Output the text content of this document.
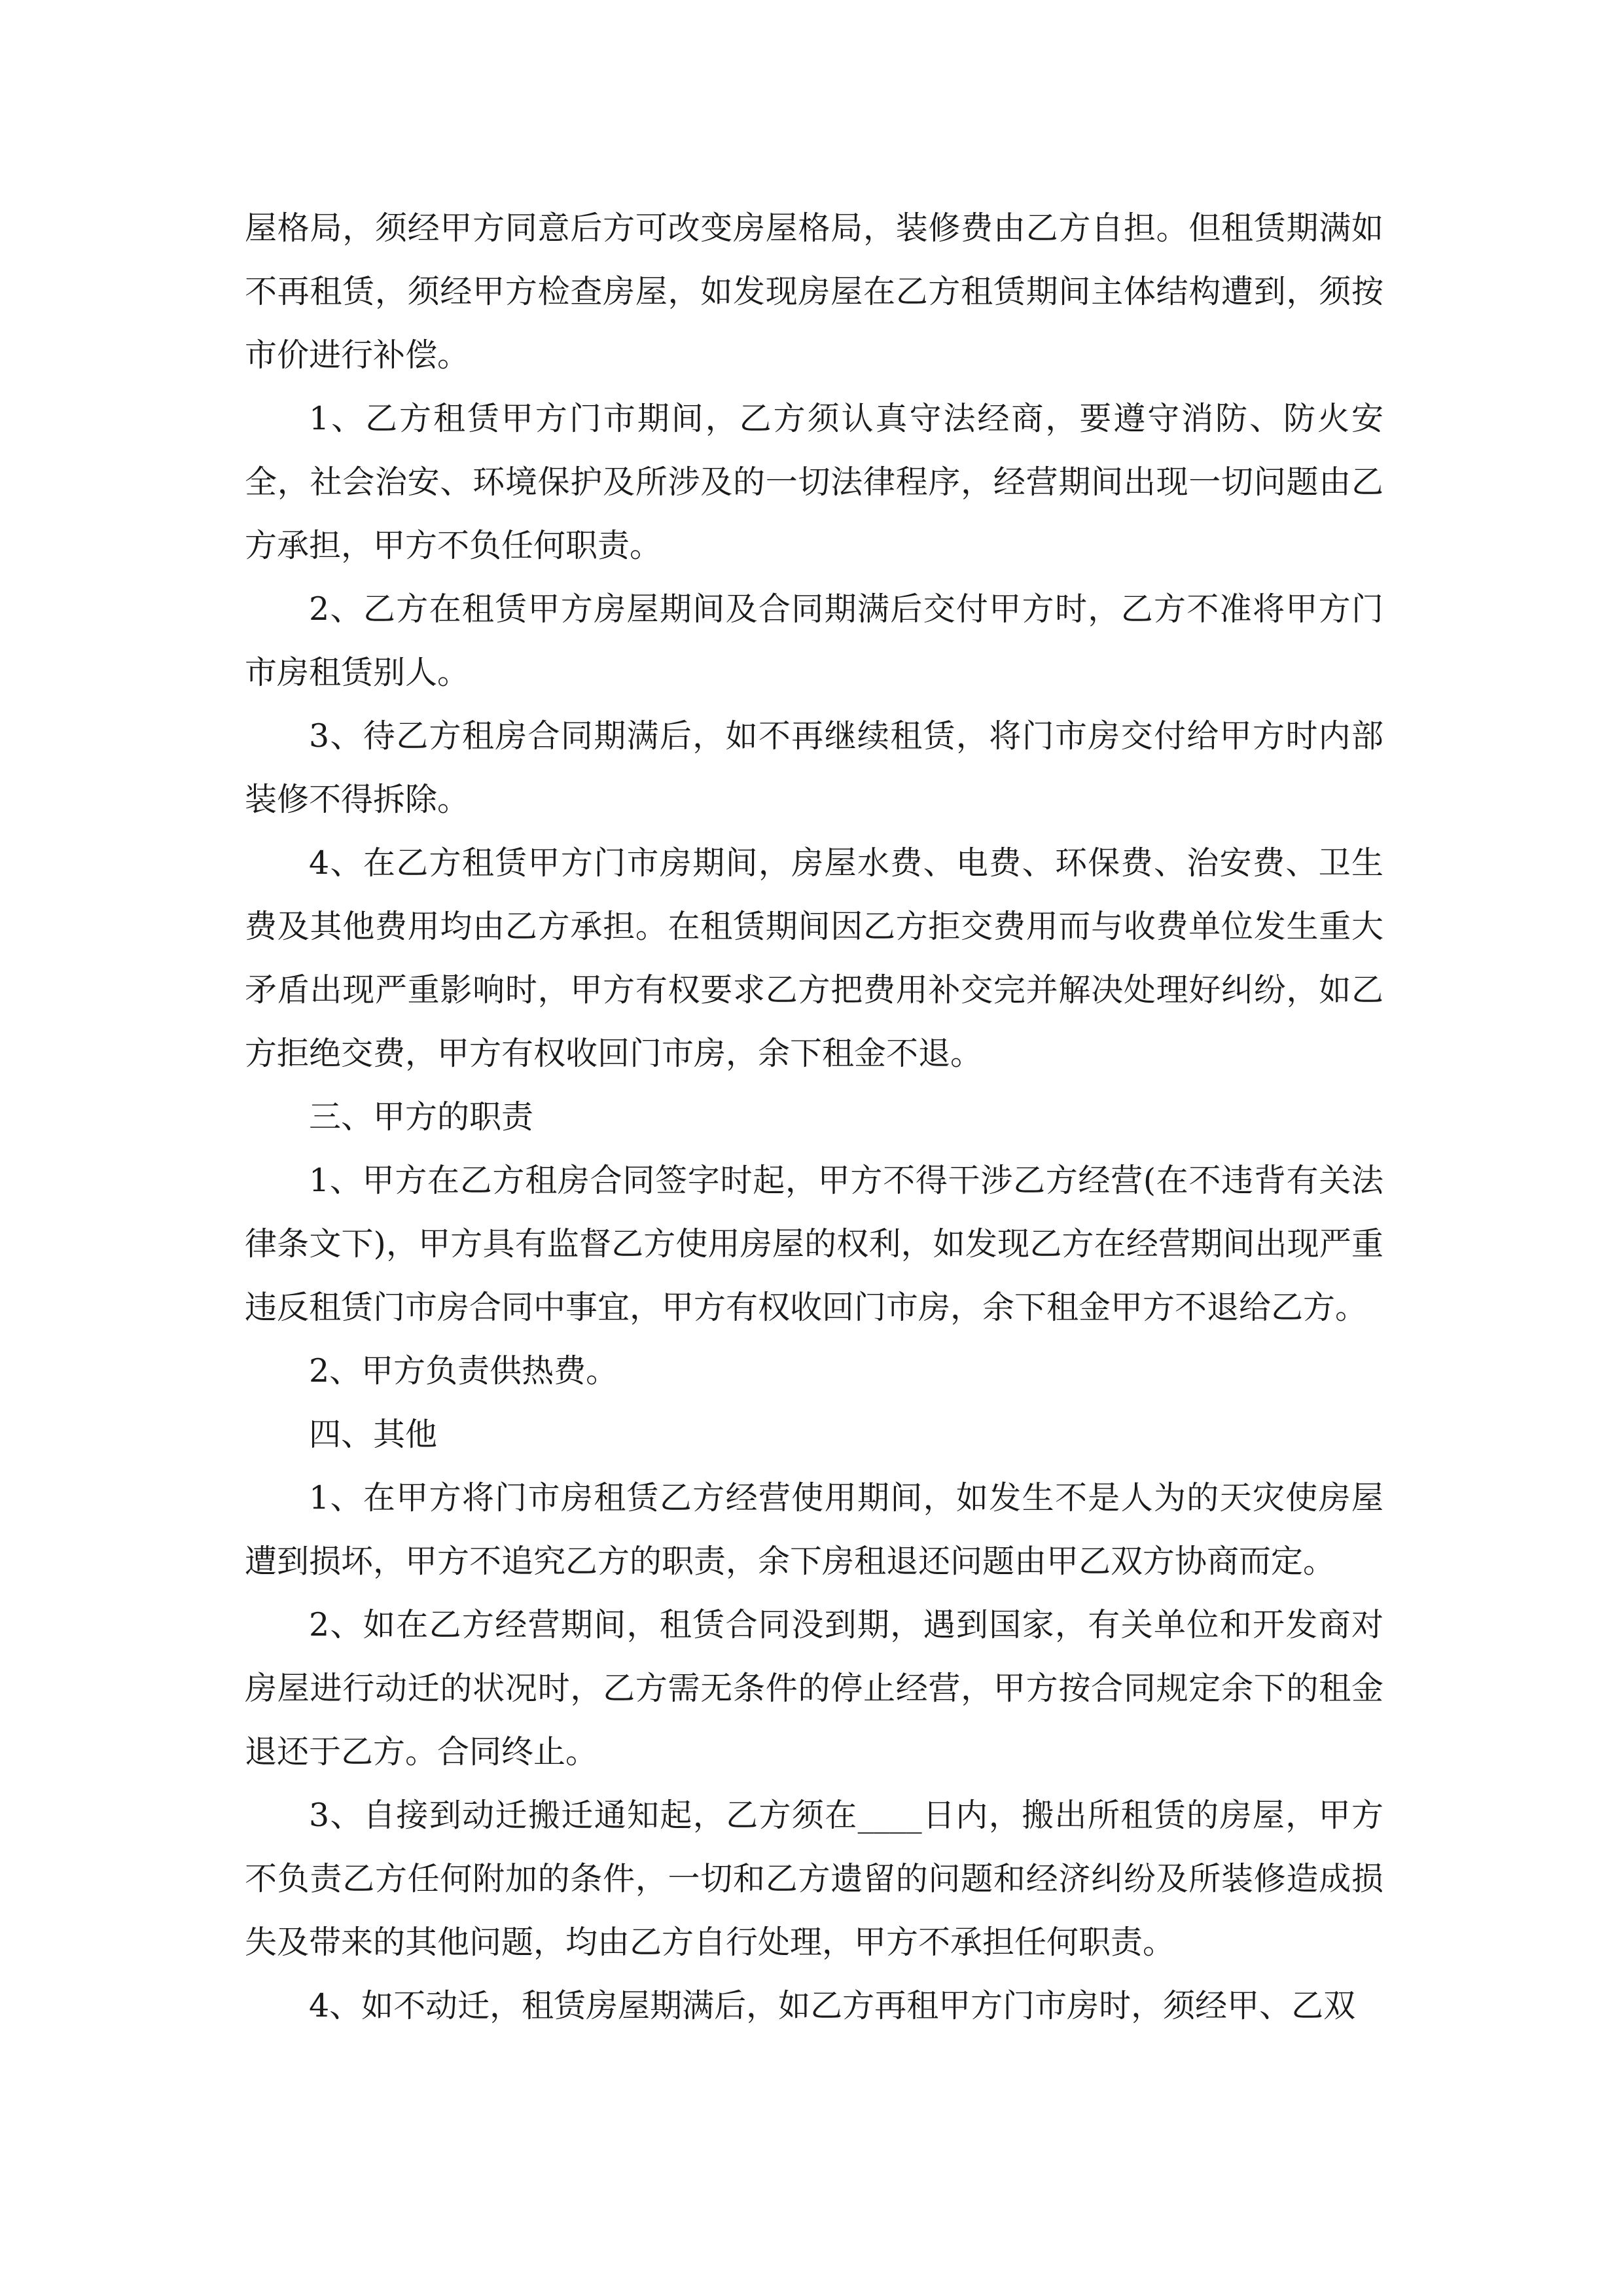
屋格局，须经甲方同意后方可改变房屋格局，装修费由乙方自担。但租赁期满如不再租赁，须经甲方检查房屋，如发现房屋在乙方租赁期间主体结构遭到，须按市价进行补偿。

1、乙方租赁甲方门市期间，乙方须认真守法经商，要遵守消防、防火安全，社会治安、环境保护及所涉及的一切法律程序，经营期间出现一切问题由乙方承担，甲方不负任何职责。

2、乙方在租赁甲方房屋期间及合同期满后交付甲方时，乙方不准将甲方门市房租赁别人。

3、待乙方租房合同期满后，如不再继续租赁，将门市房交付给甲方时内部装修不得拆除。

4、在乙方租赁甲方门市房期间，房屋水费、电费、环保费、治安费、卫生费及其他费用均由乙方承担。在租赁期间因乙方拒交费用而与收费单位发生重大矛盾出现严重影响时，甲方有权要求乙方把费用补交完并解决处理好纠纷，如乙方拒绝交费，甲方有权收回门市房，余下租金不退。

三、甲方的职责

1、甲方在乙方租房合同签字时起，甲方不得干涉乙方经营(在不违背有关法律条文下)，甲方具有监督乙方使用房屋的权利，如发现乙方在经营期间出现严重违反租赁门市房合同中事宜，甲方有权收回门市房，余下租金甲方不退给乙方。

2、甲方负责供热费。

四、其他

1、在甲方将门市房租赁乙方经营使用期间，如发生不是人为的天灾使房屋遭到损坏，甲方不追究乙方的职责，余下房租退还问题由甲乙双方协商而定。

2、如在乙方经营期间，租赁合同没到期，遇到国家，有关单位和开发商对房屋进行动迁的状况时，乙方需无条件的停止经营，甲方按合同规定余下的租金退还于乙方。合同终止。

3、自接到动迁搬迁通知起，乙方须在____日内，搬出所租赁的房屋，甲方不负责乙方任何附加的条件，一切和乙方遗留的问题和经济纠纷及所装修造成损失及带来的其他问题，均由乙方自行处理，甲方不承担任何职责。

4、如不动迁，租赁房屋期满后，如乙方再租甲方门市房时，须经甲、乙双
